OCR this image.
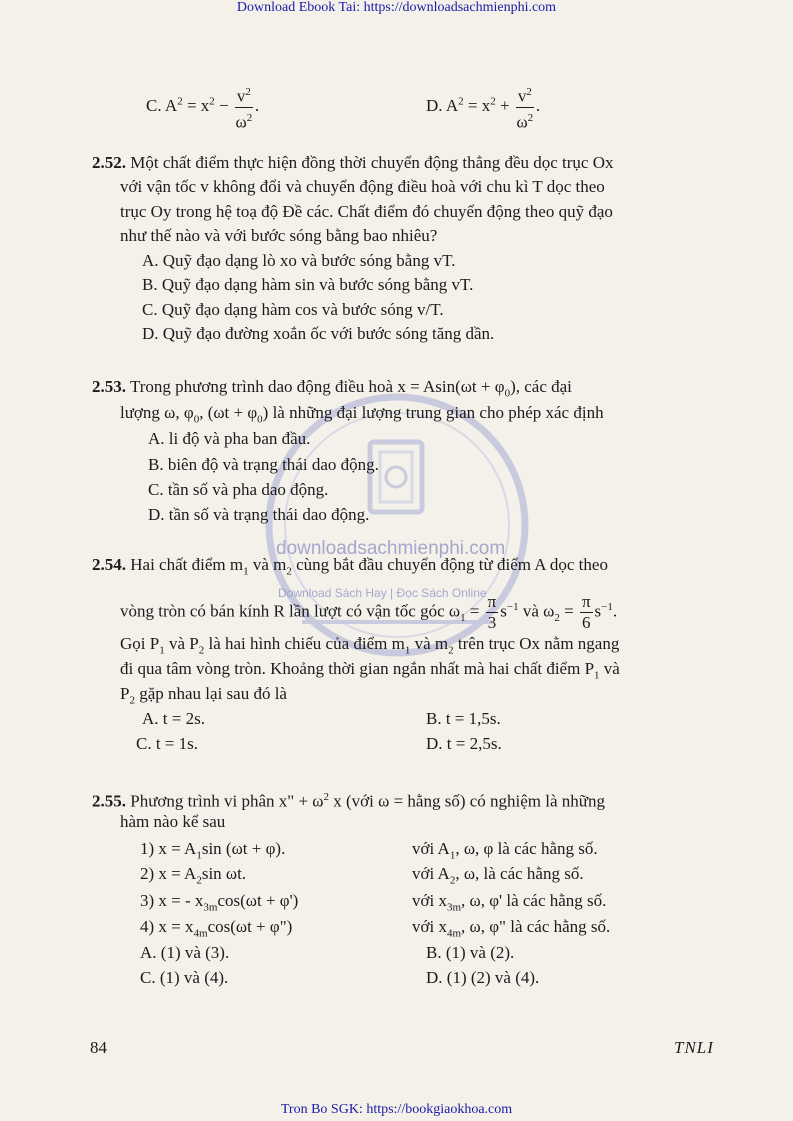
Download Ebook Tai: https://downloadsachmienphi.com
Tron Bo SGK: https://bookgiaokhoa.com
downloadsachmienphi.com
Download Sách Hay | Đọc Sách Online
C. $A^2 = x^2 - \frac{v^2}{\omega^2}$ .	D. $A^2 = x^2 + \frac{v^2}{\omega^2}$ .
2.52. Một chất điểm thực hiện đồng thời chuyển động thẳng đều dọc trục Ox
với vận tốc v không đổi và chuyển động điều hoà với chu kì T dọc theo
trục Oy trong hệ toạ độ Đề các. Chất điểm đó chuyển động theo quỹ đạo
như thế nào và với bước sóng bằng bao nhiêu?
A. Quỹ đạo dạng lò xo và bước sóng bằng vT.
B. Quỹ đạo dạng hàm sin và bước sóng bằng vT.
C. Quỹ đạo dạng hàm cos và bước sóng v/T.
D. Quỹ đạo đường xoắn ốc với bước sóng tăng dần.
2.53. Trong phương trình dao động điều hoà $x = Asin(\omega t + \varphi_0)$, các đại
lượng ω, $\varphi_0$, $(\omega t + \varphi_0)$ là những đại lượng trung gian cho phép xác định
A. li độ và pha ban đầu.
B. biên độ và trạng thái dao động.
C. tần số và pha dao động.
D. tần số và trạng thái dao động.
2.54. Hai chất điểm $m_1$ và $m_2$ cùng bắt đầu chuyển động từ điểm A dọc theo
vòng tròn có bán kính R lần lượt có vận tốc góc $\omega_1 = \frac{\pi}{3} s^{-1}$ và $\omega_2 = \frac{\pi}{6} s^{-1}$.
Gọi $P_1$ và $P_2$ là hai hình chiếu của điểm $m_1$ và $m_2$ trên trục Ox nằm ngang
đi qua tâm vòng tròn. Khoảng thời gian ngắn nhất mà hai chất điểm $P_1$ và
$P_2$ gặp nhau lại sau đó là
A. t = 2s.	B. t = 1,5s.
C. t = 1s.	D. t = 2,5s.
2.55. Phương trình vi phân x" + $\omega^2$ x (với ω = hằng số) có nghiệm là những
hàm nào kể sau
1) $x = A_1\sin$ (ωt + φ).	với $A_1$, ω, φ là các hằng số.
2) $x = A_2\sin$ ωt.	với $A_2$, ω, là các hằng số.
3) x = - $x_{3m}\cos(\omega t + \varphi')$	với $x_{3m}$, ω, φ' là các hằng số.
4) $x = x_{4m}\cos(\omega t$ + φ")	với $x_{4m}$, ω, φ" là các hằng số.
A. (1) và (3).	B. (1) và (2).
C. (1) và (4).	D. (1) (2) và (4).
84	TNLI
